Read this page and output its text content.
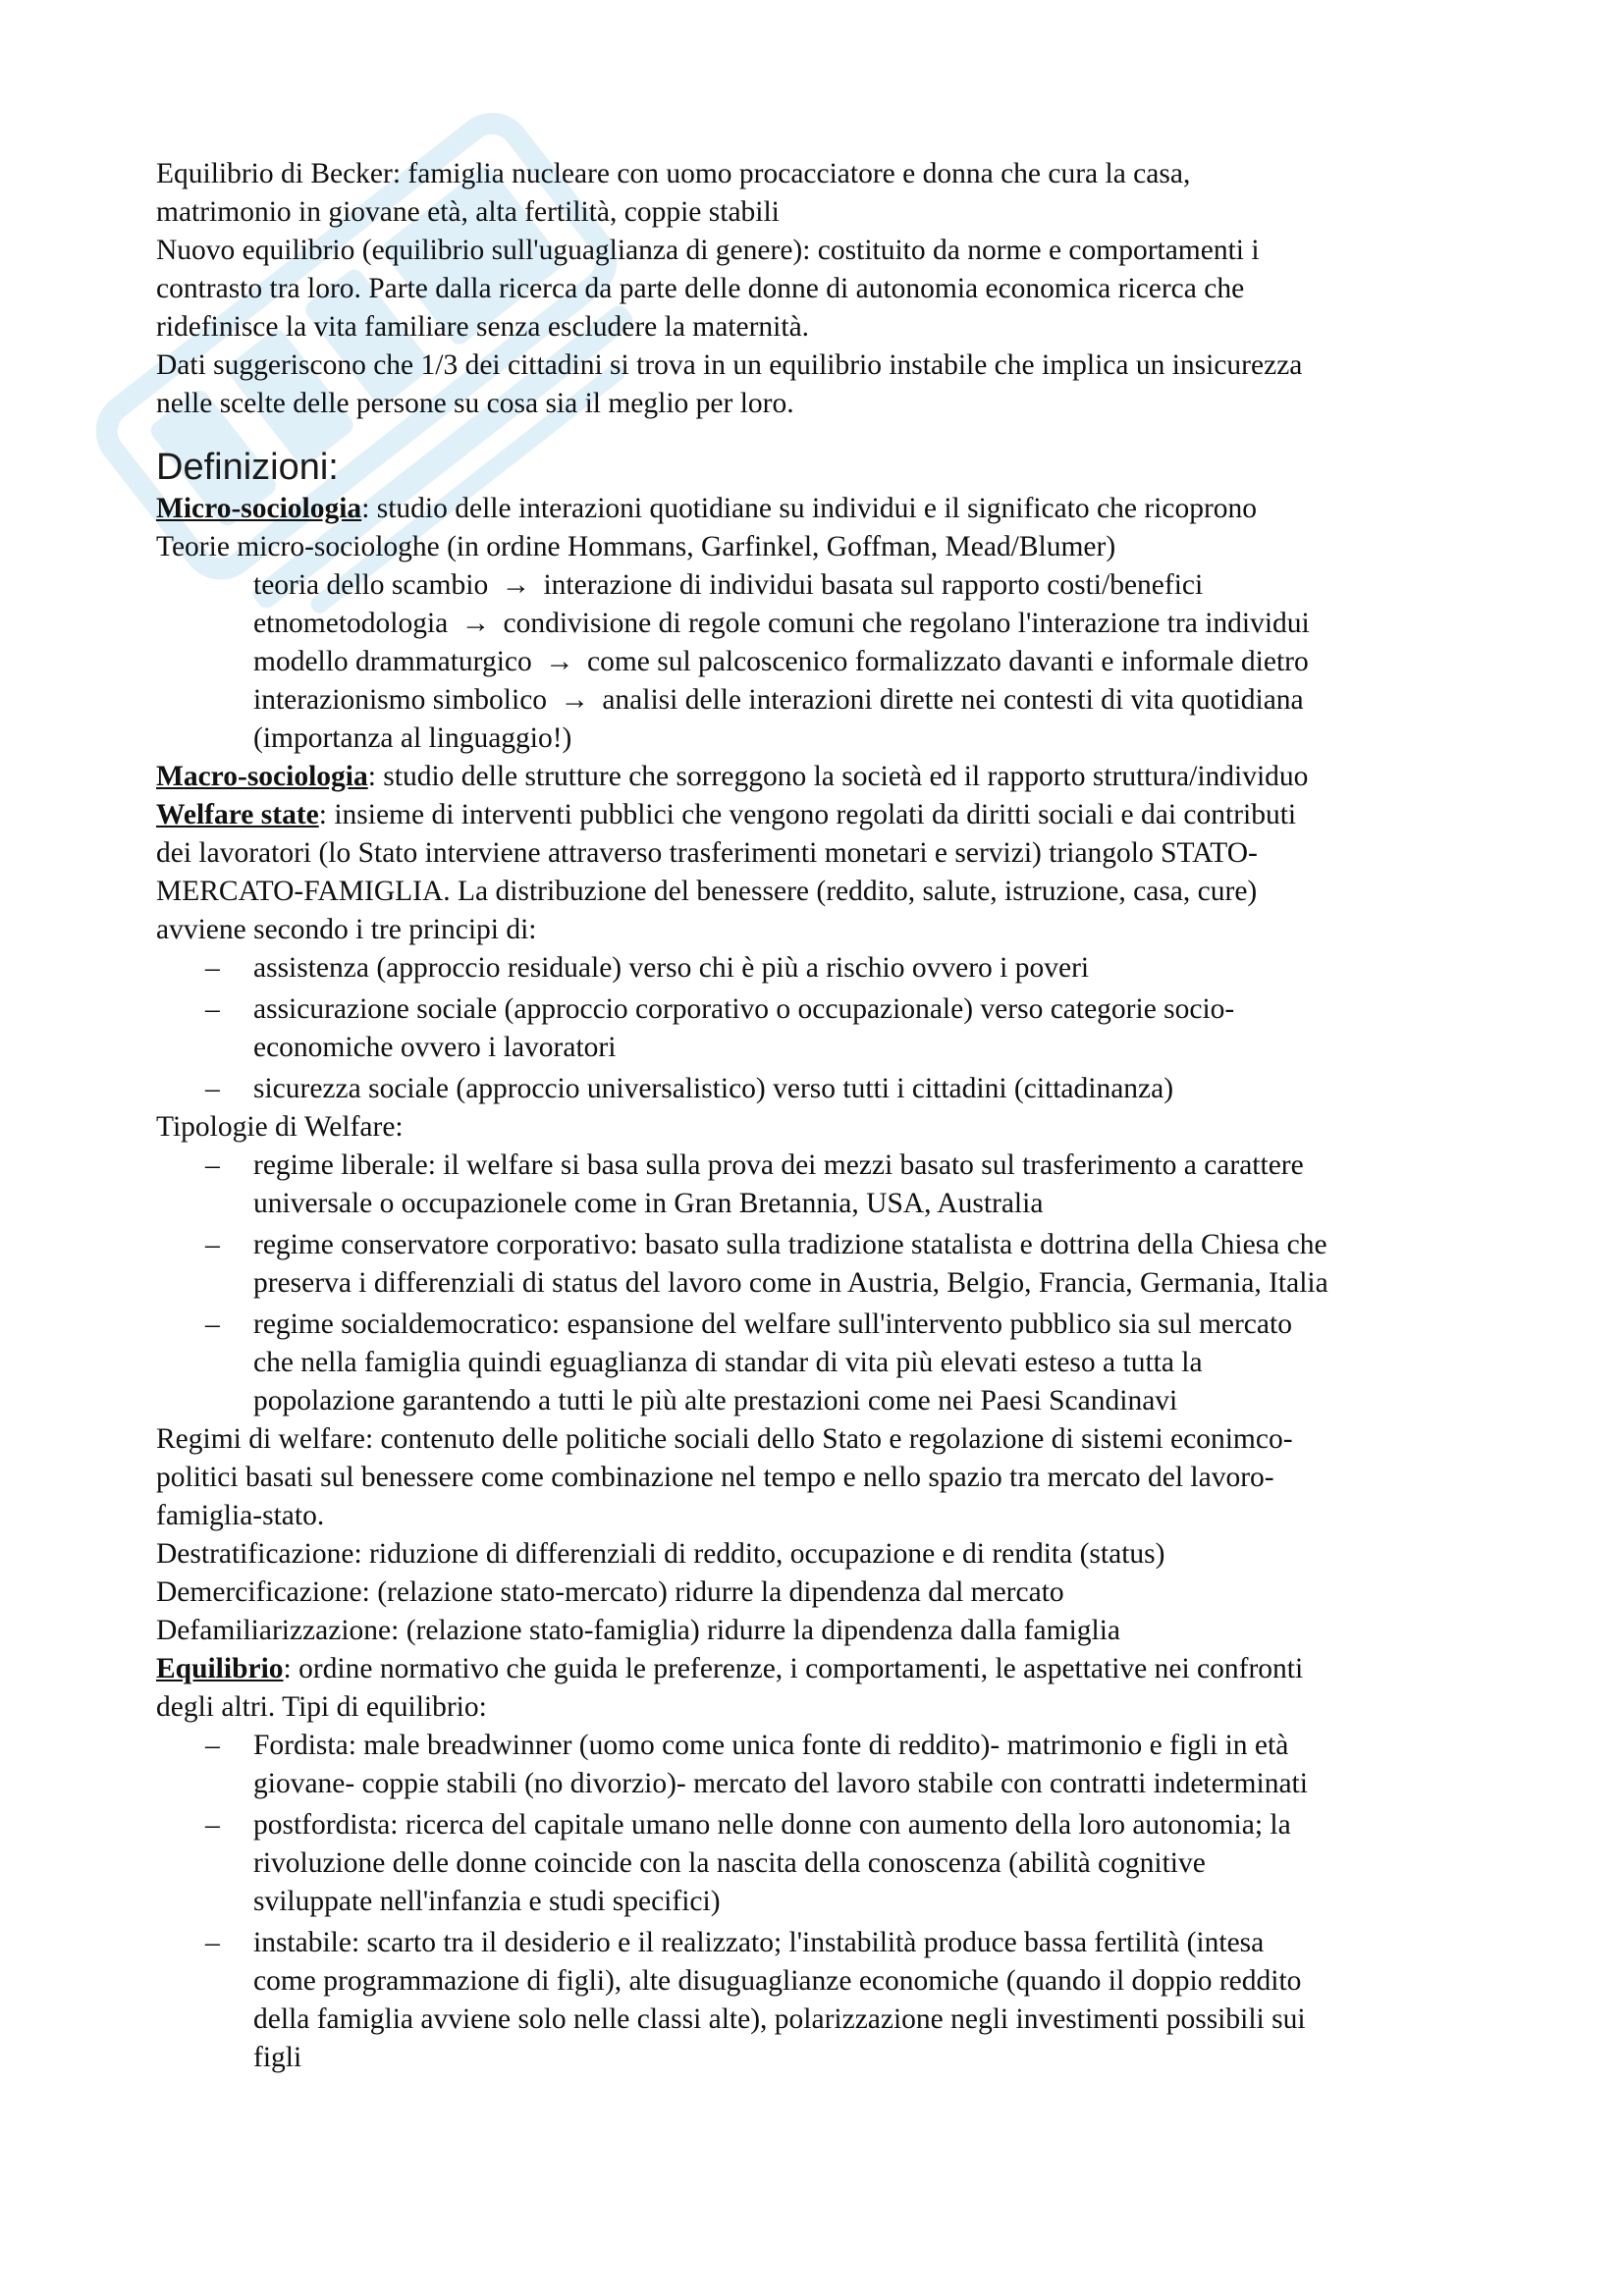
Equilibrio di Becker: famiglia nucleare con uomo procacciatore e donna che cura la casa,
matrimonio in giovane età, alta fertilità, coppie stabili
Nuovo equilibrio (equilibrio sull'uguaglianza di genere): costituito da norme e comportamenti i
contrasto tra loro. Parte dalla ricerca da parte delle donne di autonomia economica ricerca che
ridefinisce la vita familiare senza escludere la maternità.
Dati suggeriscono che 1/3 dei cittadini si trova in un equilibrio instabile che implica un insicurezza
nelle scelte delle persone su cosa sia il meglio per loro.
Definizioni:
Micro-sociologia: studio delle interazioni quotidiane su individui e il significato che ricoprono
Teorie micro-sociologhe (in ordine Hommans, Garfinkel, Goffman, Mead/Blumer)
teoria dello scambio → interazione di individui basata sul rapporto costi/benefici
etnometodologia → condivisione di regole comuni che regolano l'interazione tra individui
modello drammaturgico → come sul palcoscenico formalizzato davanti e informale dietro
interazionismo simbolico → analisi delle interazioni dirette nei contesti di vita quotidiana
(importanza al linguaggio!)
Macro-sociologia: studio delle strutture che sorreggono la società ed il rapporto struttura/individuo
Welfare state: insieme di interventi pubblici che vengono regolati da diritti sociali e dai contributi
dei lavoratori (lo Stato interviene attraverso trasferimenti monetari e servizi) triangolo STATO-
MERCATO-FAMIGLIA. La distribuzione del benessere (reddito, salute, istruzione, casa, cure)
avviene secondo i tre principi di:
– assistenza (approccio residuale) verso chi è più a rischio ovvero i poveri
– assicurazione sociale (approccio corporativo o occupazionale) verso categorie socio-
economiche ovvero i lavoratori
– sicurezza sociale (approccio universalistico) verso tutti i cittadini (cittadinanza)
Tipologie di Welfare:
– regime liberale: il welfare si basa sulla prova dei mezzi basato sul trasferimento a carattere
universale o occupazionele come in Gran Bretannia, USA, Australia
– regime conservatore corporativo: basato sulla tradizione statalista e dottrina della Chiesa che
preserva i differenziali di status del lavoro come in Austria, Belgio, Francia, Germania, Italia
– regime socialdemocratico: espansione del welfare sull'intervento pubblico sia sul mercato
che nella famiglia quindi eguaglianza di standar di vita più elevati esteso a tutta la
popolazione garantendo a tutti le più alte prestazioni come nei Paesi Scandinavi
Regimi di welfare: contenuto delle politiche sociali dello Stato e regolazione di sistemi econimco-
politici basati sul benessere come combinazione nel tempo e nello spazio tra mercato del lavoro-
famiglia-stato.
Destratificazione: riduzione di differenziali di reddito, occupazione e di rendita (status)
Demercificazione: (relazione stato-mercato) ridurre la dipendenza dal mercato
Defamiliarizzazione: (relazione stato-famiglia) ridurre la dipendenza dalla famiglia
Equilibrio: ordine normativo che guida le preferenze, i comportamenti, le aspettative nei confronti
degli altri. Tipi di equilibrio:
– Fordista: male breadwinner (uomo come unica fonte di reddito)- matrimonio e figli in età
giovane- coppie stabili (no divorzio)- mercato del lavoro stabile con contratti indeterminati
– postfordista: ricerca del capitale umano nelle donne con aumento della loro autonomia; la
rivoluzione delle donne coincide con la nascita della conoscenza (abilità cognitive
sviluppate nell'infanzia e studi specifici)
– instabile: scarto tra il desiderio e il realizzato; l'instabilità produce bassa fertilità (intesa
come programmazione di figli), alte disuguaglianze economiche (quando il doppio reddito
della famiglia avviene solo nelle classi alte), polarizzazione negli investimenti possibili sui
figli
